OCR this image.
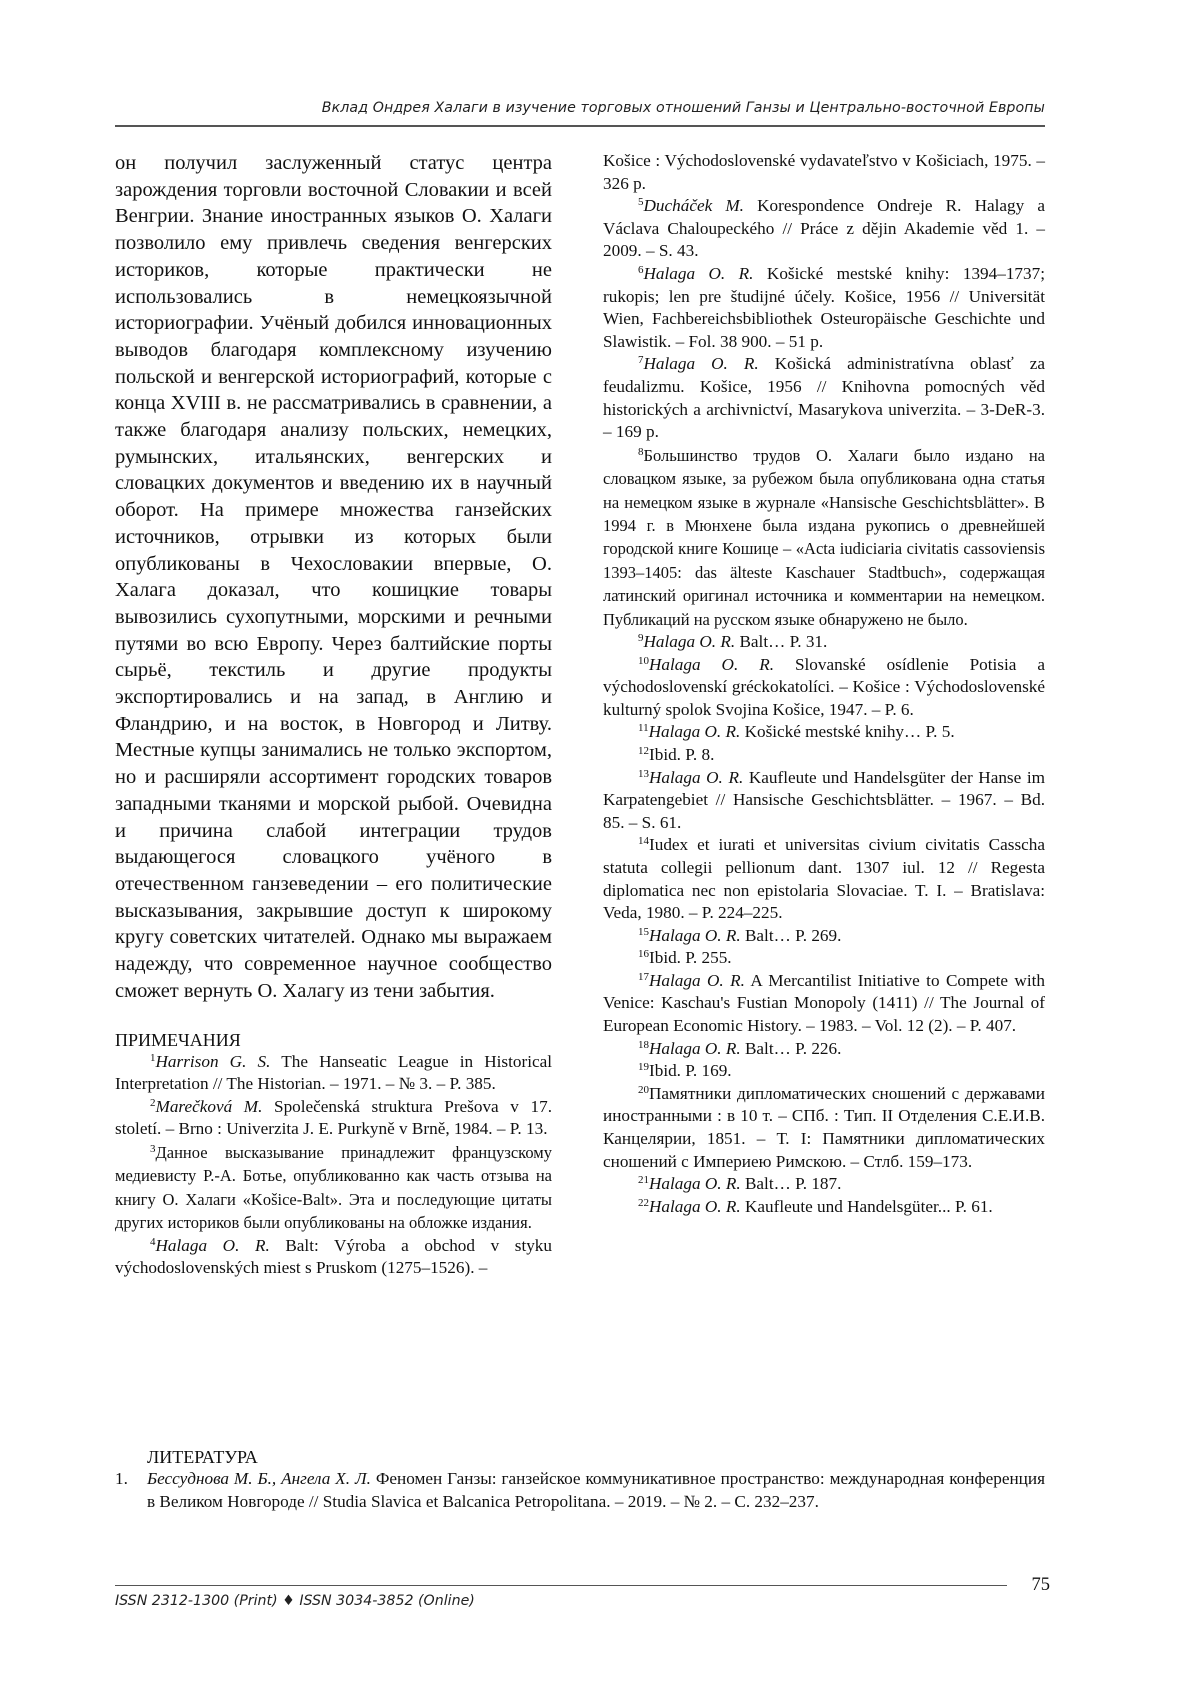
Вклад Ондрея Халаги в изучение торговых отношений Ганзы и Центрально-восточной Европы

он получил заслуженный статус центра зарождения торговли восточной Словакии и всей Венгрии. Знание иностранных языков О. Халаги позволило ему привлечь сведения венгерских историков, которые практически не использовались в немецкоязычной историографии. Учёный добился инновационных выводов благодаря комплексному изучению польской и венгерской историографий, которые с конца XVIII в. не рассматривались в сравнении, а также благодаря анализу польских, немецких, румынских, итальянских, венгерских и словацких документов и введению их в научный оборот. На примере множества ганзейских источников, отрывки из которых были опубликованы в Чехословакии впервые, О. Халага доказал, что кошицкие товары вывозились сухопутными, морскими и речными путями во всю Европу. Через балтийские порты сырьё, текстиль и другие продукты экспортировались и на запад, в Англию и Фландрию, и на восток, в Новгород и Литву. Местные купцы занимались не только экспортом, но и расширяли ассортимент городских товаров западными тканями и морской рыбой. Очевидна и причина слабой интеграции трудов выдающегося словацкого учёного в отечественном ганзеведении – его политические высказывания, закрывшие доступ к широкому кругу советских читателей. Однако мы выражаем надежду, что современное научное сообщество сможет вернуть О. Халагу из тени забытия.

ПРИМЕЧАНИЯ

$^1$Harrison G. S. The Hanseatic League in Historical Interpretation // The Historian. – 1971. – № 3. – P. 385.

$^2$Marečková M. Společenská struktura Prešova v 17. století. – Brno : Univerzita J. E. Purkyně v Brně, 1984. – P. 13.

$^3$Данное высказывание принадлежит французскому медиевисту Р.-А. Ботье, опубликованно как часть отзыва на книгу О. Халаги «Košice-Balt». Эта и последующие цитаты других историков были опубликованы на обложке издания.

$^4$Halaga O. R. Balt: Výroba a obchod v styku východoslovenských miest s Pruskom (1275–1526). –

Košice : Východoslovenské vydavateľstvo v Košiciach, 1975. – 326 p.

$^5$Ducháček M. Korespondence Ondreje R. Halagy a Václava Chaloupeckého // Práce z dějin Akademie věd 1. – 2009. – S. 43.

$^6$Halaga O. R. Košické mestské knihy: 1394–1737; rukopis; len pre študijné účely. Košice, 1956 // Universität Wien, Fachbereichsbibliothek Osteuropäische Geschichte und Slawistik. – Fol. 38 900. – 51 p.

$^7$Halaga O. R. Košická administratívna oblasť za feudalizmu. Košice, 1956 // Knihovna pomocných věd historických a archivnictví, Masarykova univerzita. – 3-DeR-3. – 169 p.

$^8$Большинство трудов О. Халаги было издано на словацком языке, за рубежом была опубликована одна статья на немецком языке в журнале «Hansische Geschichtsblätter». В 1994 г. в Мюнхене была издана рукопись о древнейшей городской книге Кошице – «Acta iudiciaria civitatis cassoviensis 1393–1405: das älteste Kaschauer Stadtbuch», содержащая латинский оригинал источника и комментарии на немецком. Публикаций на русском языке обнаружено не было.

$^9$Halaga O. R. Balt… P. 31.

$^{10}$Halaga O. R. Slovanské osídlenie Potisia a východoslovenskí gréckokatolíci. – Košice : Východoslovenské kulturný spolok Svojina Košice, 1947. – P. 6.

$^{11}$Halaga O. R. Košické mestské knihy… P. 5.

$^{12}$Ibid. P. 8.

$^{13}$Halaga O. R. Kaufleute und Handelsgüter der Hanse im Karpatengebiet // Hansische Geschichtsblätter. – 1967. – Bd. 85. – S. 61.

$^{14}$Iudex et iurati et universitas civium civitatis Casscha statuta collegii pellionum dant. 1307 iul. 12 // Regesta diplomatica nec non epistolaria Slovaciae. T. I. – Bratislava: Veda, 1980. – P. 224–225.

$^{15}$Halaga O. R. Balt… P. 269.

$^{16}$Ibid. P. 255.

$^{17}$Halaga O. R. A Mercantilist Initiative to Compete with Venice: Kaschau's Fustian Monopoly (1411) // The Journal of European Economic History. – 1983. – Vol. 12 (2). – P. 407.

$^{18}$Halaga O. R. Balt… P. 226.

$^{19}$Ibid. P. 169.

$^{20}$Памятники дипломатических сношений с державами иностранными : в 10 т. – СПб. : Тип. II Отделения С.Е.И.В. Канцелярии, 1851. – Т. I: Памятники дипломатических сношений с Империею Римскою. – Стлб. 159–173.

$^{21}$Halaga O. R. Balt… P. 187.

$^{22}$Halaga O. R. Kaufleute und Handelsgüter... P. 61.

ЛИТЕРАТУРА

1.	Бессуднова М. Б., Ангела Х. Л. Феномен Ганзы: ганзейское коммуникативное пространство: международная конференция в Великом Новгороде // Studia Slavica et Balcanica Petropolitana. – 2019. – № 2. – С. 232–237.
ISSN 2312-1300 (Print) ♦ ISSN 3034-3852 (Online)
75
